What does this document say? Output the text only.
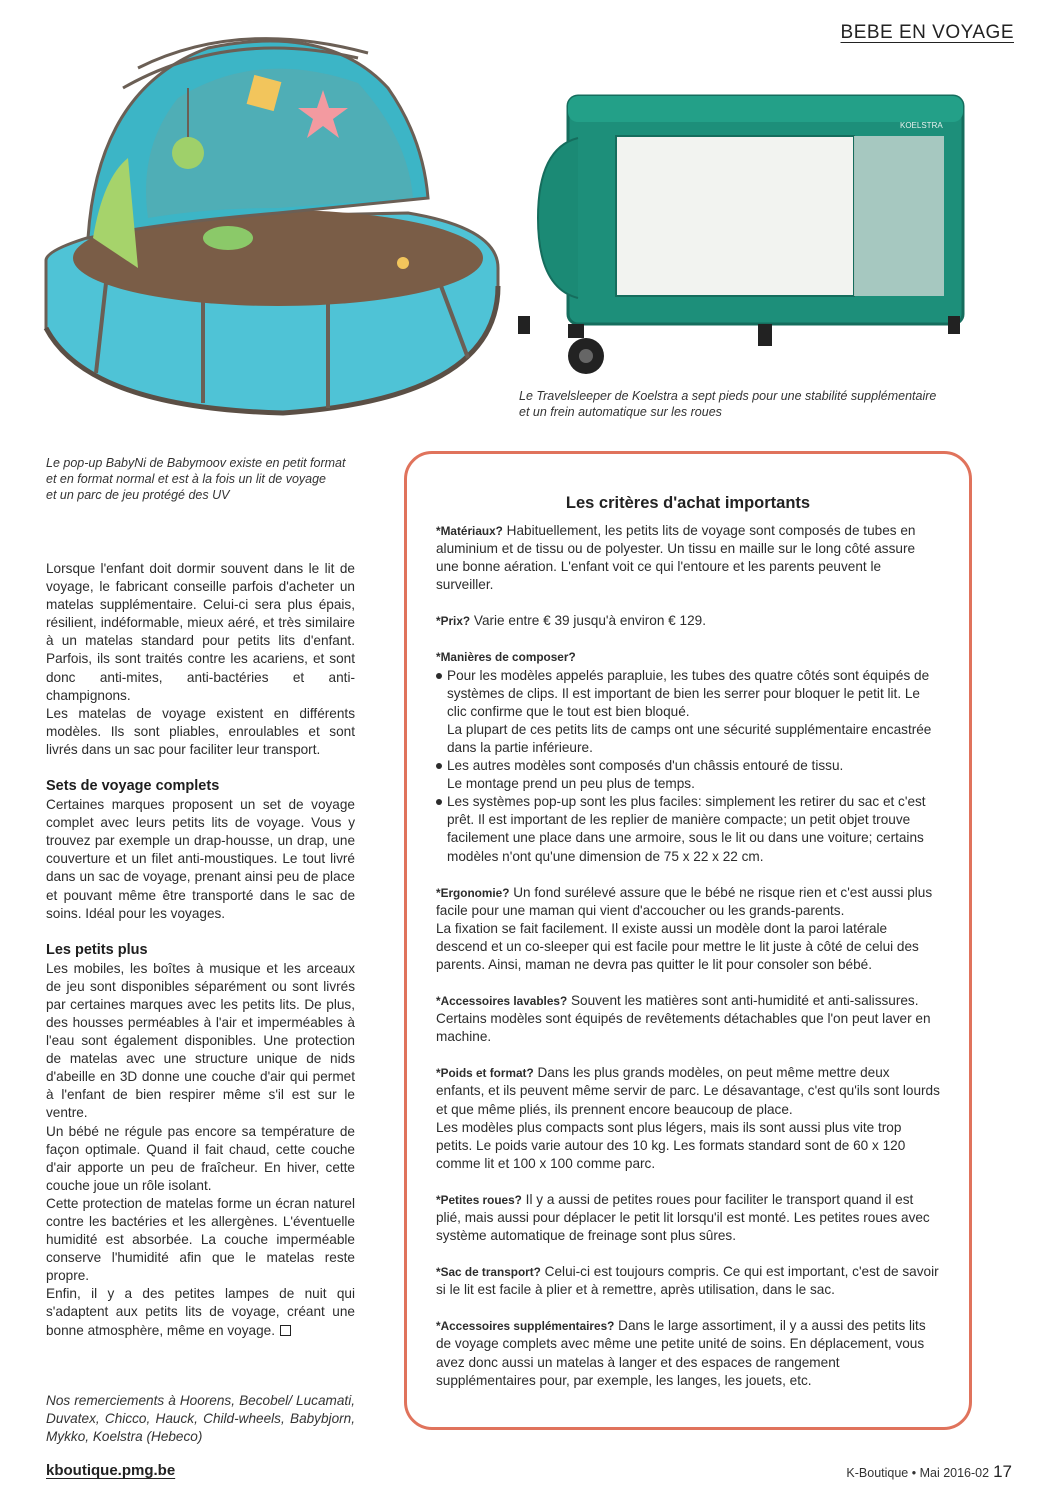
BEBE EN VOYAGE
KOELSTRA
Le Travelsleeper de Koelstra a sept pieds pour une stabilité supplémentaire
et un frein automatique sur les roues
Le pop-up BabyNi de Babymoov existe en petit format
et en format normal et est à la fois un lit de voyage
et un parc de jeu protégé des UV

Lorsque l'enfant doit dormir souvent dans le lit de voyage, le fabricant conseille parfois d'acheter un matelas supplémentaire. Celui-ci sera plus épais, résilient, indéformable, mieux aéré, et très similaire à un matelas standard pour petits lits d'enfant. Parfois, ils sont traités contre les acariens, et sont donc anti-mites, anti-bactéries et anti-champignons.

Les matelas de voyage existent en différents modèles. Ils sont pliables, enroulables et sont livrés dans un sac pour faciliter leur transport.

Sets de voyage complets

Certaines marques proposent un set de voyage complet avec leurs petits lits de voyage. Vous y trouvez par exemple un drap-housse, un drap, une couverture et un filet anti-moustiques. Le tout livré dans un sac de voyage, prenant ainsi peu de place et pouvant même être transporté dans le sac de soins. Idéal pour les voyages.

Les petits plus

Les mobiles, les boîtes à musique et les arceaux de jeu sont disponibles séparément ou sont livrés par certaines marques avec les petits lits. De plus, des housses perméables à l'air et imperméables à l'eau sont également disponibles. Une protection de matelas avec une structure unique de nids d'abeille en 3D donne une couche d'air qui permet à l'enfant de bien respirer même s'il est sur le ventre.

Un bébé ne régule pas encore sa température de façon optimale. Quand il fait chaud, cette couche d'air apporte un peu de fraîcheur. En hiver, cette couche joue un rôle isolant.

Cette protection de matelas forme un écran naturel contre les bactéries et les allergènes. L'éventuelle humidité est absorbée. La couche imperméable conserve l'humidité afin que le matelas reste propre.

Enfin, il y a des petites lampes de nuit qui s'adaptent aux petits lits de voyage, créant une bonne atmosphère, même en voyage.

Nos remerciements à Hoorens, Becobel/ Lucamati, Duvatex, Chicco, Hauck, Child-wheels, Babybjorn, Mykko, Koelstra (Hebeco)
Les critères d'achat importants

*Matériaux? Habituellement, les petits lits de voyage sont composés de tubes en aluminium et de tissu ou de polyester. Un tissu en maille sur le long côté assure une bonne aération. L'enfant voit ce qui l'entoure et les parents peuvent le surveiller.

*Prix? Varie entre € 39 jusqu'à environ € 129.

*Manières de composer?

Pour les modèles appelés parapluie, les tubes des quatre côtés sont équipés de systèmes de clips. Il est important de bien les serrer pour bloquer le petit lit. Le clic confirme que le tout est bien bloqué.

La plupart de ces petits lits de camps ont une sécurité supplémentaire encastrée dans la partie inférieure.

Les autres modèles sont composés d'un châssis entouré de tissu.

Le montage prend un peu plus de temps.

Les systèmes pop-up sont les plus faciles: simplement les retirer du sac et c'est prêt. Il est important de les replier de manière compacte; un petit objet trouve facilement une place dans une armoire, sous le lit ou dans une voiture; certains modèles n'ont qu'une dimension de 75 x 22 x 22 cm.

*Ergonomie? Un fond surélevé assure que le bébé ne risque rien et c'est aussi plus facile pour une maman qui vient d'accoucher ou les grands-parents.

La fixation se fait facilement. Il existe aussi un modèle dont la paroi latérale descend et un co-sleeper qui est facile pour mettre le lit juste à côté de celui des parents. Ainsi, maman ne devra pas quitter le lit pour consoler son bébé.

*Accessoires lavables? Souvent les matières sont anti-humidité et anti-salissures. Certains modèles sont équipés de revêtements détachables que l'on peut laver en machine.

*Poids et format? Dans les plus grands modèles, on peut même mettre deux enfants, et ils peuvent même servir de parc. Le désavantage, c'est qu'ils sont lourds et que même pliés, ils prennent encore beaucoup de place.

Les modèles plus compacts sont plus légers, mais ils sont aussi plus vite trop petits. Le poids varie autour des 10 kg. Les formats standard sont de 60 x 120 comme lit et 100 x 100 comme parc.

*Petites roues? Il y a aussi de petites roues pour faciliter le transport quand il est plié, mais aussi pour déplacer le petit lit lorsqu'il est monté. Les petites roues avec système automatique de freinage sont plus sûres.

*Sac de transport? Celui-ci est toujours compris. Ce qui est important, c'est de savoir si le lit est facile à plier et à remettre, après utilisation, dans le sac.

*Accessoires supplémentaires? Dans le large assortiment, il y a aussi des petits lits de voyage complets avec même une petite unité de soins. En déplacement, vous avez donc aussi un matelas à langer et des espaces de rangement supplémentaires pour, par exemple, les langes, les jouets, etc.

kboutique.pmg.be	K-Boutique • Mai 2016-02 17
